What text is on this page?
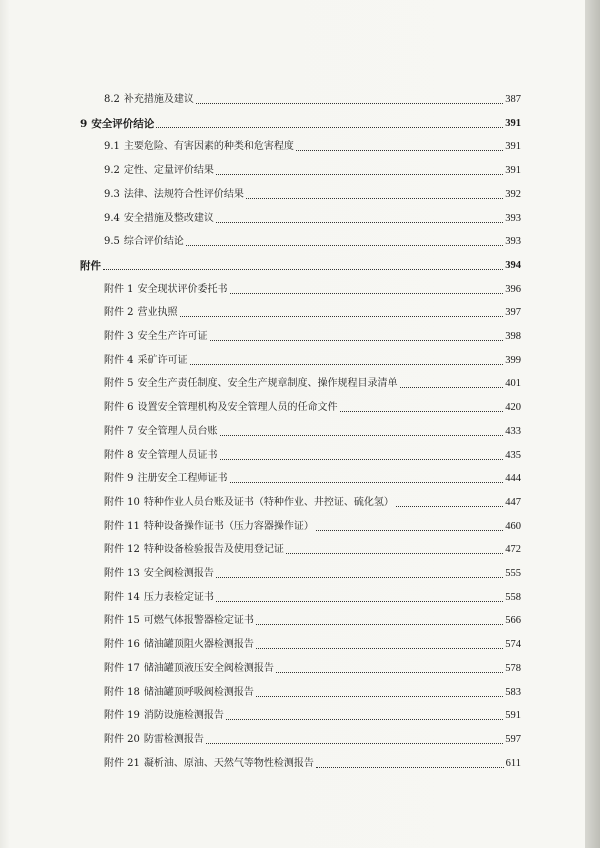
8.2 补充措施及建议	387
9 安全评价结论	391
9.1 主要危险、有害因素的种类和危害程度	391
9.2 定性、定量评价结果	391
9.3 法律、法规符合性评价结果	392
9.4 安全措施及整改建议	393
9.5 综合评价结论	393
附件	394
附件 1 安全现状评价委托书	396
附件 2 营业执照	397
附件 3 安全生产许可证	398
附件 4 采矿许可证	399
附件 5 安全生产责任制度、安全生产规章制度、操作规程目录清单	401
附件 6 设置安全管理机构及安全管理人员的任命文件	420
附件 7 安全管理人员台账	433
附件 8 安全管理人员证书	435
附件 9 注册安全工程师证书	444
附件 10 特种作业人员台账及证书（特种作业、井控证、硫化氢）	447
附件 11 特种设备操作证书（压力容器操作证）	460
附件 12 特种设备检验报告及使用登记证	472
附件 13 安全阀检测报告	555
附件 14 压力表检定证书	558
附件 15 可燃气体报警器检定证书	566
附件 16 储油罐顶阻火器检测报告	574
附件 17 储油罐顶液压安全阀检测报告	578
附件 18 储油罐顶呼吸阀检测报告	583
附件 19 消防设施检测报告	591
附件 20 防雷检测报告	597
附件 21 凝析油、原油、天然气等物性检测报告	611
